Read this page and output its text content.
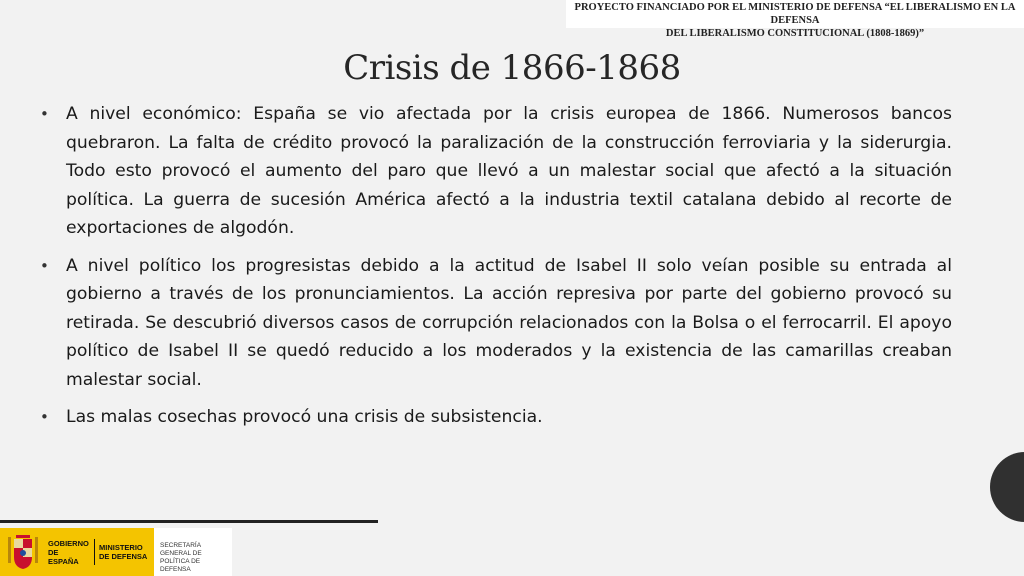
PROYECTO FINANCIADO POR EL MINISTERIO DE DEFENSA “EL LIBERALISMO EN LA DEFENSA
DEL LIBERALISMO CONSTITUCIONAL (1808-1869)”
Crisis de 1866-1868
• A nivel económico: España se vio afectada por la crisis europea de 1866. Numerosos bancos quebraron. La falta de crédito provocó la paralización de la construcción ferroviaria y la siderurgia. Todo esto provocó el aumento del paro que llevó a un malestar social que afectó a la situación política. La guerra de sucesión América afectó a la industria textil catalana debido al recorte de exportaciones de algodón.
• A nivel político los progresistas debido a la actitud de Isabel II solo veían posible su entrada al gobierno a través de los pronunciamientos. La acción represiva por parte del gobierno provocó su retirada. Se descubrió diversos casos de corrupción relacionados con la Bolsa o el ferrocarril. El apoyo político de Isabel II se quedó reducido a los moderados y la existencia de las camarillas creaban malestar social.
• Las malas cosechas provocó una crisis de subsistencia.
GOBIERNO
DE ESPAÑA
MINISTERIO
DE DEFENSA
SECRETARÍA GENERAL DE
POLÍTICA DE DEFENSA
